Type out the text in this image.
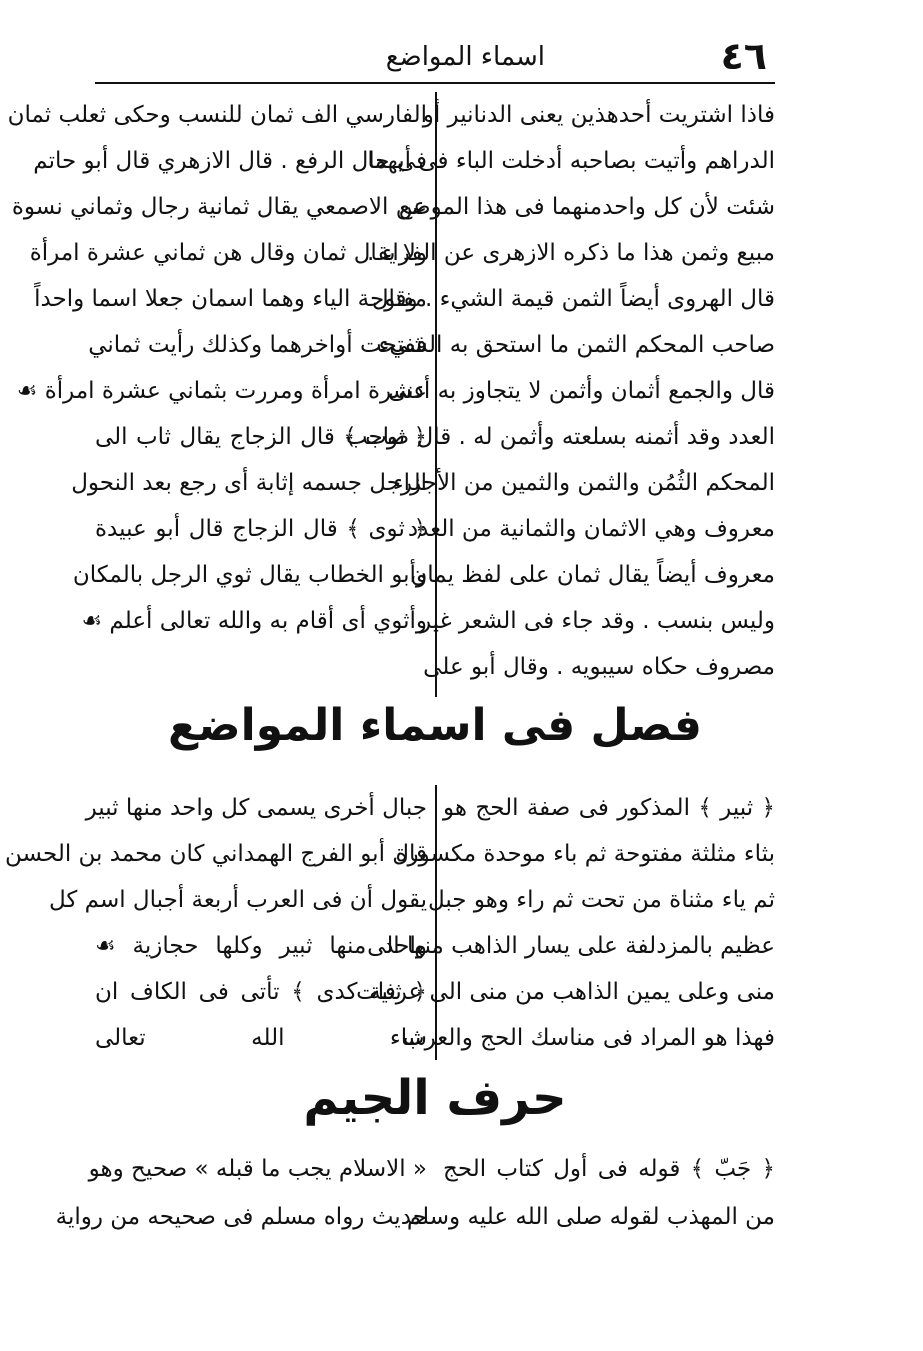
٤٦
اسماء المواضع

فاذا اشتريت أحدهذين يعنى الدنانير أو

الدراهم وأتيت بصاحبه أدخلت الباء فى أيهما

شئت لأن كل واحدمنهما فى هذا الموضع

مبيع وثمن هذا ما ذكره الازهرى عن الفراء .

قال الهروى أيضاً الثمن قيمة الشيء . وقال

صاحب المحكم الثمن ما استحق به الشيء

قال والجمع أثمان وأثمن لا يتجاوز به أدنى

العدد وقد أثمنه بسلعته وأثمن له . قال صاحب

المحكم الثُمُن والثمن والثمين من الأجزاء

معروف وهي الاثمان والثمانية من العدد

معروف أيضاً يقال ثمان على لفظ يمان

وليس بنسب . وقد جاء فى الشعر غير

مصروف حكاه سيبويه . وقال أبو على

الفارسي الف ثمان للنسب وحكى ثعلب ثمان

فى حال الرفع . قال الازهري قال أبو حاتم

عن الاصمعي يقال ثمانية رجال وثماني نسوة

ولا يقال ثمان وقال هن ثماني عشرة امرأة

مفتوحة الياء وهما اسمان جعلا اسما واحداً

ففتحت أواخرهما وكذلك رأيت ثماني

عشرة امرأة ومررت بثماني عشرة امرأة ☙

﴿ ثوب ﴾ قال الزجاج يقال ثاب الى

الرجل جسمه إثابة أى رجع بعد النحول

﴿ ثوى ﴾ قال الزجاج قال أبو عبيدة

وأبو الخطاب يقال ثوي الرجل بالمكان

وأثوي أى أقام به والله تعالى أعلم ☙

فصل فى اسماء المواضع

﴿ ثبير ﴾ المذكور فى صفة الحج هو

بثاء مثلثة مفتوحة ثم باء موحدة مكسورة

ثم ياء مثناة من تحت ثم راء وهو جبل

عظيم بالمزدلفة على يسار الذاهب منها الى

منى وعلى يمين الذاهب من منى الى عرفات

فهذا هو المراد فى مناسك الحج والعرب

جبال أخرى يسمى كل واحد منها ثبير

قال أبو الفرج الهمداني كان محمد بن الحسن

يقول أن فى العرب أربعة أجبال اسم كل

واحد منها ثبير وكلها حجازية ☙

﴿ ثنية كدى ﴾ تأتى فى الكاف ان

شاء الله تعالى

حرف الجيم

﴿ جَبّ ﴾ قوله فى أول كتاب الحج

من المهذب لقوله صلى الله عليه وسلم

« الاسلام يجب ما قبله » صحيح وهو

حديث رواه مسلم فى صحيحه من رواية
